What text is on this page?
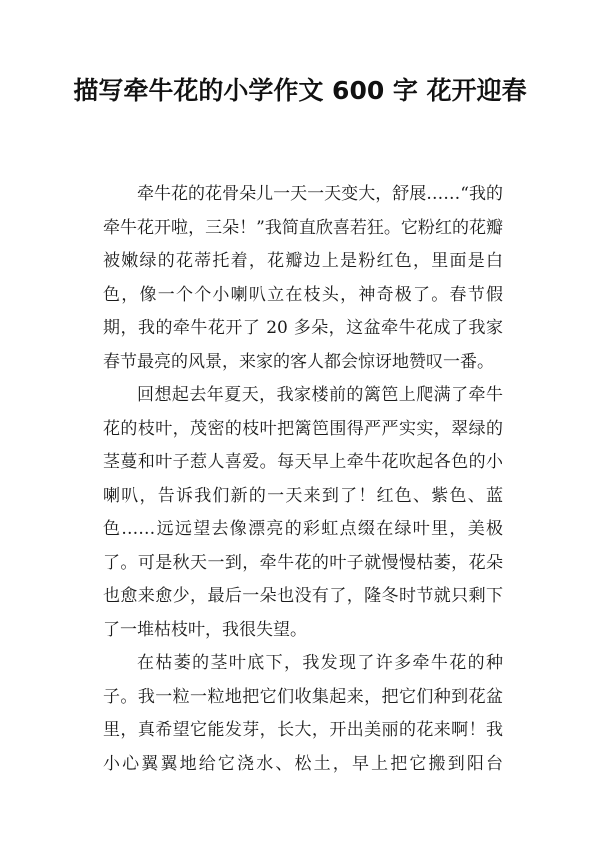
描写牵牛花的小学作文 600 字 花开迎春

牵牛花的花骨朵儿一天一天变大，舒展……“我的牵牛花开啦，三朵！”我简直欣喜若狂。它粉红的花瓣被嫩绿的花蒂托着，花瓣边上是粉红色，里面是白色，像一个个小喇叭立在枝头，神奇极了。春节假期，我的牵牛花开了 20 多朵，这盆牵牛花成了我家春节最亮的风景，来家的客人都会惊讶地赞叹一番。

回想起去年夏天，我家楼前的篱笆上爬满了牵牛花的枝叶，茂密的枝叶把篱笆围得严严实实，翠绿的茎蔓和叶子惹人喜爱。每天早上牵牛花吹起各色的小喇叭，告诉我们新的一天来到了！红色、紫色、蓝色……远远望去像漂亮的彩虹点缀在绿叶里，美极了。可是秋天一到，牵牛花的叶子就慢慢枯萎，花朵也愈来愈少，最后一朵也没有了，隆冬时节就只剩下了一堆枯枝叶，我很失望。

在枯萎的茎叶底下，我发现了许多牵牛花的种子。我一粒一粒地把它们收集起来，把它们种到花盆里，真希望它能发芽，长大，开出美丽的花来啊！我小心翼翼地给它浇水、松土，早上把它搬到阳台
